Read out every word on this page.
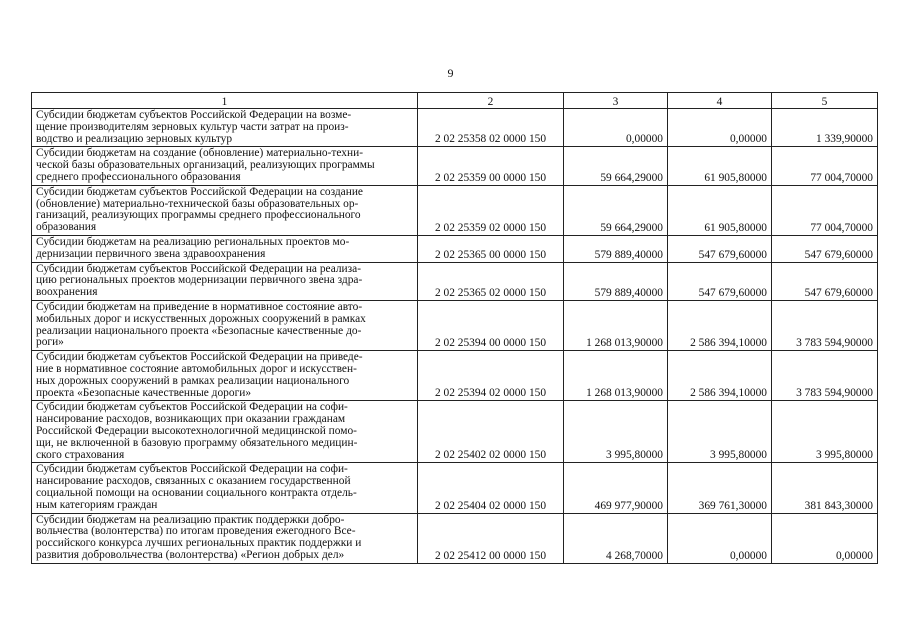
9
1	2	3	4	5

Субсидии бюджетам субъектов Российской Федерации на возме-
щение производителям зерновых культур части затрат на произ-
водство и реализацию зерновых культур	2 02 25358 02 0000 150	0,00000	0,00000	1 339,90000

Субсидии бюджетам на создание (обновление) материально-техни-
ческой базы образовательных организаций, реализующих программы
среднего профессионального образования	2 02 25359 00 0000 150	59 664,29000	61 905,80000	77 004,70000

Субсидии бюджетам субъектов Российской Федерации на создание
(обновление) материально-технической базы образовательных ор-
ганизаций, реализующих программы среднего профессионального
образования	2 02 25359 02 0000 150	59 664,29000	61 905,80000	77 004,70000

Субсидии бюджетам на реализацию региональных проектов мо-
дернизации первичного звена здравоохранения	2 02 25365 00 0000 150	579 889,40000	547 679,60000	547 679,60000

Субсидии бюджетам субъектов Российской Федерации на реализа-
цию региональных проектов модернизации первичного звена здра-
воохранения	2 02 25365 02 0000 150	579 889,40000	547 679,60000	547 679,60000

Субсидии бюджетам на приведение в нормативное состояние авто-
мобильных дорог и искусственных дорожных сооружений в рамках
реализации национального проекта «Безопасные качественные до-
роги»	2 02 25394 00 0000 150	1 268 013,90000	2 586 394,10000	3 783 594,90000

Субсидии бюджетам субъектов Российской Федерации на приведе-
ние в нормативное состояние автомобильных дорог и искусствен-
ных дорожных сооружений в рамках реализации национального
проекта «Безопасные качественные дороги»	2 02 25394 02 0000 150	1 268 013,90000	2 586 394,10000	3 783 594,90000

Субсидии бюджетам субъектов Российской Федерации на софи-
нансирование расходов, возникающих при оказании гражданам
Российской Федерации высокотехнологичной медицинской помо-
щи, не включенной в базовую программу обязательного медицин-
ского страхования	2 02 25402 02 0000 150	3 995,80000	3 995,80000	3 995,80000

Субсидии бюджетам субъектов Российской Федерации на софи-
нансирование расходов, связанных с оказанием государственной
социальной помощи на основании социального контракта отдель-
ным категориям граждан	2 02 25404 02 0000 150	469 977,90000	369 761,30000	381 843,30000

Субсидии бюджетам на реализацию практик поддержки добро-
вольчества (волонтерства) по итогам проведения ежегодного Все-
российского конкурса лучших региональных практик поддержки и
развития добровольчества (волонтерства) «Регион добрых дел»	2 02 25412 00 0000 150	4 268,70000	0,00000	0,00000
